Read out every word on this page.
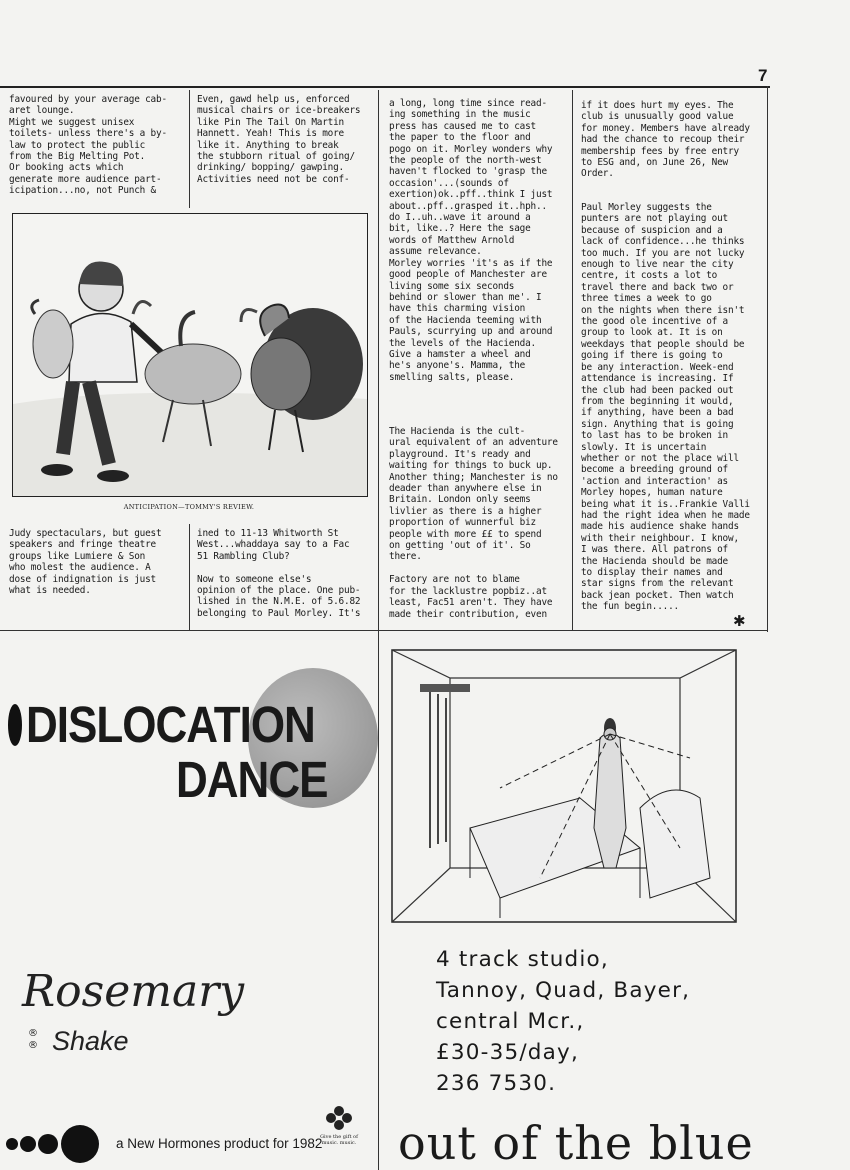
7
favoured by your average cab-
aret lounge.
Might we suggest unisex
toilets- unless there's a by-
law to protect the public
from the Big Melting Pot.
Or booking acts which
generate more audience part-
icipation...no, not Punch &
Even, gawd help us, enforced
musical chairs or ice-breakers
like Pin The Tail On Martin
Hannett. Yeah! This is more
like it. Anything to break
the stubborn ritual of going/
drinking/ bopping/ gawping.
Activities need not be conf-
ANTICIPATION—TOMMY'S REVIEW.
Judy spectaculars, but guest
speakers and fringe theatre
groups like Lumiere & Son
who molest the audience. A
dose of indignation is just
what is needed.
ined to 11-13 Whitworth St
West...whaddaya say to a Fac
51 Rambling Club?

Now to someone else's
opinion of the place. One pub-
lished in the N.M.E. of 5.6.82
belonging to Paul Morley. It's
a long, long time since read-
ing something in the music
press has caused me to cast
the paper to the floor and
pogo on it. Morley wonders why
the people of the north-west
haven't flocked to 'grasp the
occasion'...(sounds of
exertion)ok..pff..think I just
about..pff..grasped it..hph..
do I..uh..wave it around a
bit, like..? Here the sage
words of Matthew Arnold
assume relevance.
Morley worries 'it's as if the
good people of Manchester are
living some six seconds
behind or slower than me'. I
have this charming vision
of the Hacienda teeming with
Pauls, scurrying up and around
the levels of the Hacienda.
Give a hamster a wheel and
he's anyone's. Mamma, the
smelling salts, please.
The Hacienda is the cult-
ural equivalent of an adventure
playground. It's ready and
waiting for things to buck up.
Another thing; Manchester is no
deader than anywhere else in
Britain. London only seems
livlier as there is a higher
proportion of wunnerful biz
people with more ££ to spend
on getting 'out of it'. So
there.

Factory are not to blame
for the lacklustre popbiz..at
least, Fac51 aren't. They have
made their contribution, even
if it does hurt my eyes. The
club is unusually good value
for money. Members have already
had the chance to recoup their
membership fees by free entry
to ESG and, on June 26, New
Order.
Paul Morley suggests the
punters are not playing out
because of suspicion and a
lack of confidence...he thinks
too much. If you are not lucky
enough to live near the city
centre, it costs a lot to
travel there and back two or
three times a week to go
on the nights when there isn't
the good ole incentive of a
group to look at. It is on
weekdays that people should be
going if there is going to
be any interaction. Week-end
attendance is increasing. If
the club had been packed out
from the beginning it would,
if anything, have been a bad
sign. Anything that is going
to last has to be broken in
slowly. It is uncertain
whether or not the place will
become a breeding ground of
'action and interaction' as
Morley hopes, human nature
being what it is..Frankie Valli
had the right idea when he made
made his audience shake hands
with their neighbour. I know,
I was there. All patrons of
the Hacienda should be made
to display their names and
star signs from the relevant
back jean pocket. Then watch
the fun begin.....
✱
DISLOCATION
DANCE
Rosemary
®
® Shake
a New Hormones product for 1982
Give the gift of music. music.
4 track studio,
Tannoy, Quad, Bayer,
central Mcr.,
£30-35/day,
236 7530.
out of the blue
